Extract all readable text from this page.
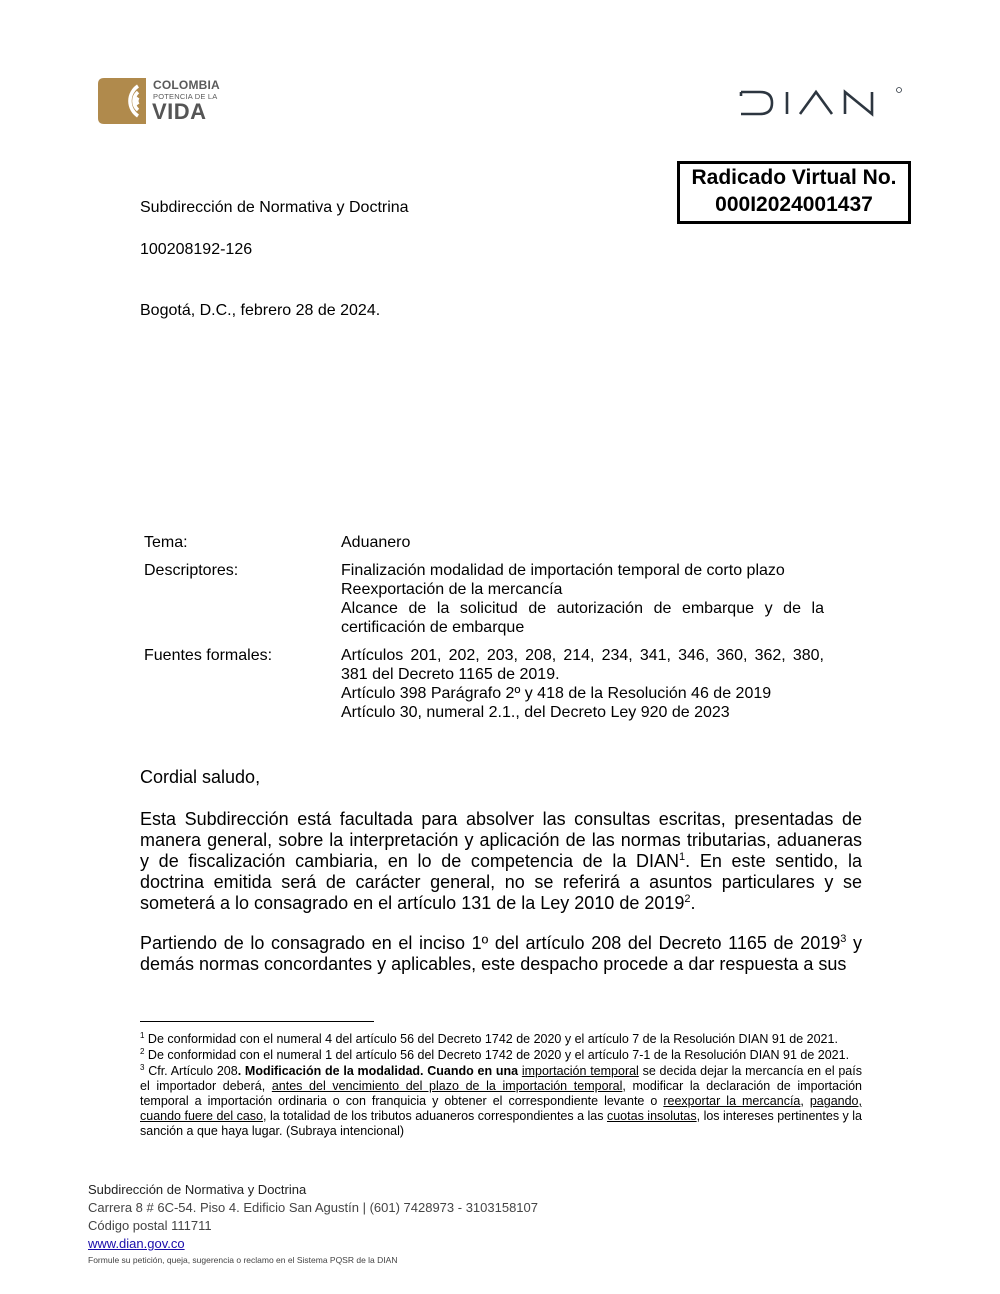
COLOMBIA
POTENCIA DE LA
VIDA
Radicado Virtual No.
000I2024001437
Subdirección de Normativa y Doctrina
100208192-126
Bogotá, D.C., febrero 28 de 2024.
Tema:	Aduanero
Descriptores:	Finalización modalidad de importación temporal de corto plazo
Reexportación de la mercancía
Alcance de la solicitud de autorización de embarque y de la certificación de embarque

Fuentes formales:	Artículos 201, 202, 203, 208, 214, 234, 341, 346, 360, 362, 380, 381 del Decreto 1165 de 2019.
Artículo 398 Parágrafo 2º y 418 de la Resolución 46 de 2019
Artículo 30, numeral 2.1., del Decreto Ley 920 de 2023
Cordial saludo,
Esta Subdirección está facultada para absolver las consultas escritas, presentadas de manera general, sobre la interpretación y aplicación de las normas tributarias, aduaneras y de fiscalización cambiaria, en lo de competencia de la DIAN$^1$. En este sentido, la doctrina emitida será de carácter general, no se referirá a asuntos particulares y se someterá a lo consagrado en el artículo 131 de la Ley 2010 de 2019$^2$.
Partiendo de lo consagrado en el inciso 1º del artículo 208 del Decreto 1165 de 2019$^3$ y demás normas concordantes y aplicables, este despacho procede a dar respuesta a sus

$^1$ De conformidad con el numeral 4 del artículo 56 del Decreto 1742 de 2020 y el artículo 7 de la Resolución DIAN 91 de 2021.

$^2$ De conformidad con el numeral 1 del artículo 56 del Decreto 1742 de 2020 y el artículo 7-1 de la Resolución DIAN 91 de 2021.

$^3$ Cfr. Artículo 208. Modificación de la modalidad. Cuando en una importación temporal se decida dejar la mercancía en el país el importador deberá, antes del vencimiento del plazo de la importación temporal, modificar la declaración de importación temporal a importación ordinaria o con franquicia y obtener el correspondiente levante o reexportar la mercancía, pagando, cuando fuere del caso, la totalidad de los tributos aduaneros correspondientes a las cuotas insolutas, los intereses pertinentes y la sanción a que haya lugar. (Subraya intencional)

Subdirección de Normativa y Doctrina
Carrera 8 # 6C-54. Piso 4. Edificio San Agustín | (601) 7428973 - 3103158107
Código postal 111711
www.dian.gov.co
Formule su petición, queja, sugerencia o reclamo en el Sistema PQSR de la DIAN
